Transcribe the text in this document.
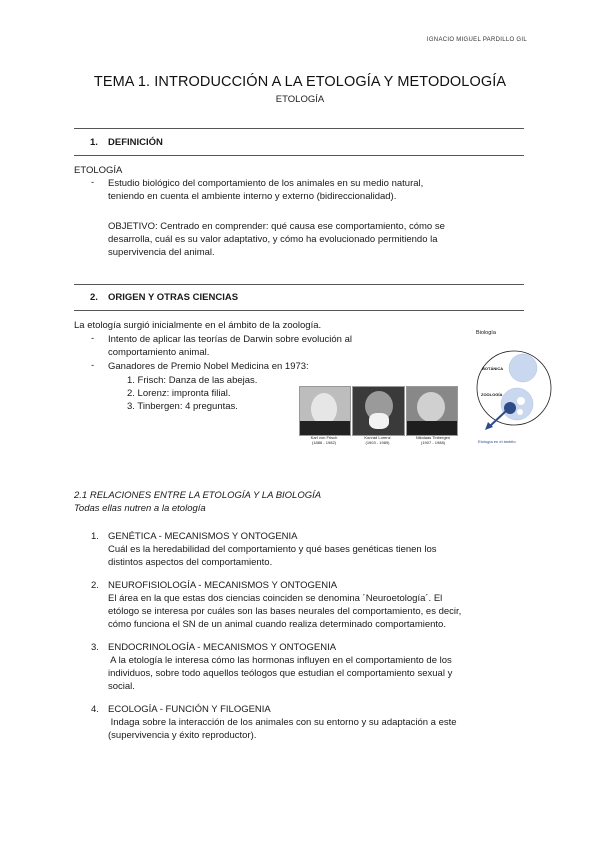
IGNACIO MIGUEL PARDILLO GIL
TEMA 1. INTRODUCCIÓN A LA ETOLOGÍA Y METODOLOGÍA
ETOLOGÍA
1. DEFINICIÓN
ETOLOGÍA
- Estudio biológico del comportamiento de los animales en su medio natural,
teniendo en cuenta el ambiente interno y externo (bidireccionalidad).
OBJETIVO: Centrado en comprender: qué causa ese comportamiento, cómo se
desarrolla, cuál es su valor adaptativo, y cómo ha evolucionado permitiendo la
supervivencia del animal.
2. ORIGEN Y OTRAS CIENCIAS
La etología surgió inicialmente en el ámbito de la zoología.
- Intento de aplicar las teorías de Darwin sobre evolución al
comportamiento animal.
- Ganadores de Premio Nobel Medicina en 1973:
1. Frisch: Danza de las abejas.
2. Lorenz: impronta filial.
3. Tinbergen: 4 preguntas.
Karl von Frisch
(1886 - 1982)
Konrad Lorenz
(1903 - 1989)
Nikolaas Tinbergen
(1907 - 1988)
Biología
BOTÁNICA
ZOOLOGÍA
Etología en el ámbito
2.1 RELACIONES ENTRE LA ETOLOGÍA Y LA BIOLOGÍA
Todas ellas nutren a la etología
1. GENÉTICA - MECANISMOS Y ONTOGENIA
Cuál es la heredabilidad del comportamiento y qué bases genéticas tienen los
distintos aspectos del comportamiento.
2. NEUROFISIOLOGÍA - MECANISMOS Y ONTOGENIA
El área en la que estas dos ciencias coinciden se denomina ´Neuroetología´. El
etólogo se interesa por cuáles son las bases neurales del comportamiento, es decir,
cómo funciona el SN de un animal cuando realiza determinado comportamiento.
3. ENDOCRINOLOGÍA - MECANISMOS Y ONTOGENIA
A la etología le interesa cómo las hormonas influyen en el comportamiento de los
individuos, sobre todo aquellos teólogos que estudian el comportamiento sexual y
social.
4. ECOLOGÍA - FUNCIÓN Y FILOGENIA
Indaga sobre la interacción de los animales con su entorno y su adaptación a este
(supervivencia y éxito reproductor).
